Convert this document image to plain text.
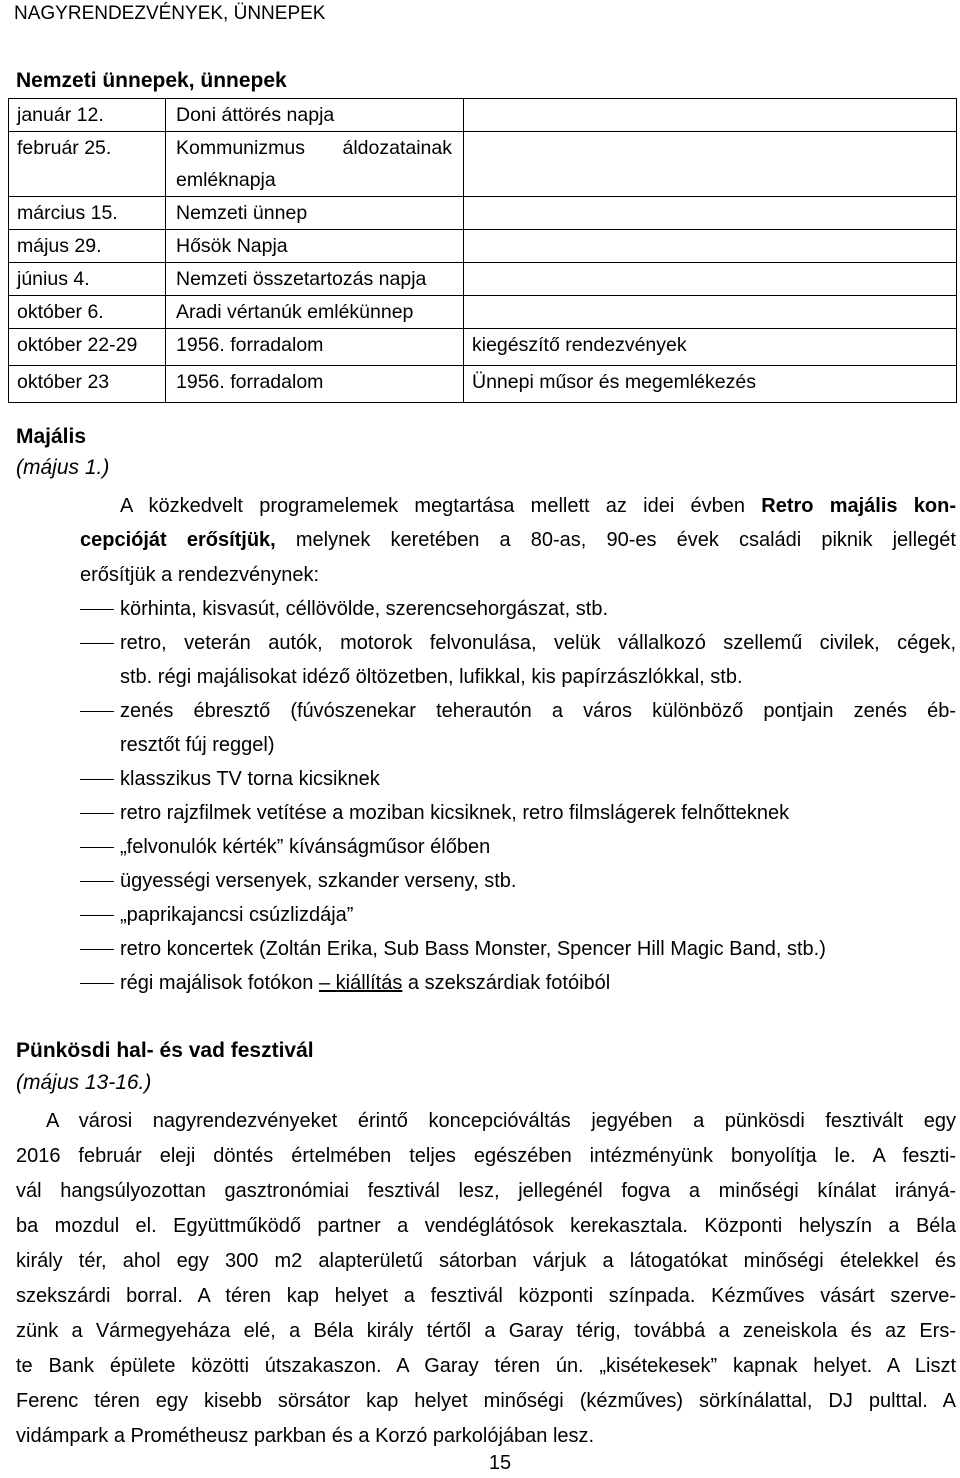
NAGYRENDEZVÉNYEK, ÜNNEPEK
Nemzeti ünnepek, ünnepek
január 12.	Doni áttörés napja	
február 25.	Kommunizmus áldozatainak
emléknapja	

március 15.	Nemzeti ünnep	
május 29.	Hősök Napja	
június 4.	Nemzeti összetartozás napja	
október 6.	Aradi vértanúk emlékünnep	
október 22-29	1956. forradalom	kiegészítő rendezvények
október 23	1956. forradalom	Ünnepi műsor és megemlékezés
Majális
(május 1.)
A közkedvelt programelemek megtartása mellett az idei évben Retro majális kon-
cepcióját erősítjük, melynek keretében a 80-as, 90-es évek családi piknik jellegét
erősítjük a rendezvénynek:
körhinta, kisvasút, céllövölde, szerencsehorgászat, stb.
retro, veterán autók, motorok felvonulása, velük vállalkozó szellemű civilek, cégek,
stb. régi majálisokat idéző öltözetben, lufikkal, kis papírzászlókkal, stb.
zenés ébresztő (fúvószenekar teherautón a város különböző pontjain zenés éb-
resztőt fúj reggel)
klasszikus TV torna kicsiknek
retro rajzfilmek vetítése a moziban kicsiknek, retro filmslágerek felnőtteknek
„felvonulók kérték” kívánságműsor élőben
ügyességi versenyek, szkander verseny, stb.
„paprikajancsi csúzlizdája”
retro koncertek (Zoltán Erika, Sub Bass Monster, Spencer Hill Magic Band, stb.)
régi majálisok fotókon – kiállítás a szekszárdiak fotóiból
Pünkösdi hal- és vad fesztivál
(május 13-16.)
A városi nagyrendezvényeket érintő koncepcióváltás jegyében a pünkösdi fesztivált egy
2016 február eleji döntés értelmében teljes egészében intézményünk bonyolítja le. A feszti-
vál hangsúlyozottan gasztronómiai fesztivál lesz, jellegénél fogva a minőségi kínálat irányá-
ba mozdul el. Együttműködő partner a vendéglátósok kerekasztala. Központi helyszín a Béla
király tér, ahol egy 300 m2 alapterületű sátorban várjuk a látogatókat minőségi ételekkel és
szekszárdi borral. A téren kap helyet a fesztivál központi színpada. Kézműves vásárt szerve-
zünk a Vármegyeháza elé, a Béla király tértől a Garay térig, továbbá a zeneiskola és az Ers-
te Bank épülete közötti útszakaszon. A Garay téren ún. „kisétekesek” kapnak helyet. A Liszt
Ferenc téren egy kisebb sörsátor kap helyet minőségi (kézműves) sörkínálattal, DJ pulttal. A
vidámpark a Prométheusz parkban és a Korzó parkolójában lesz.
15
